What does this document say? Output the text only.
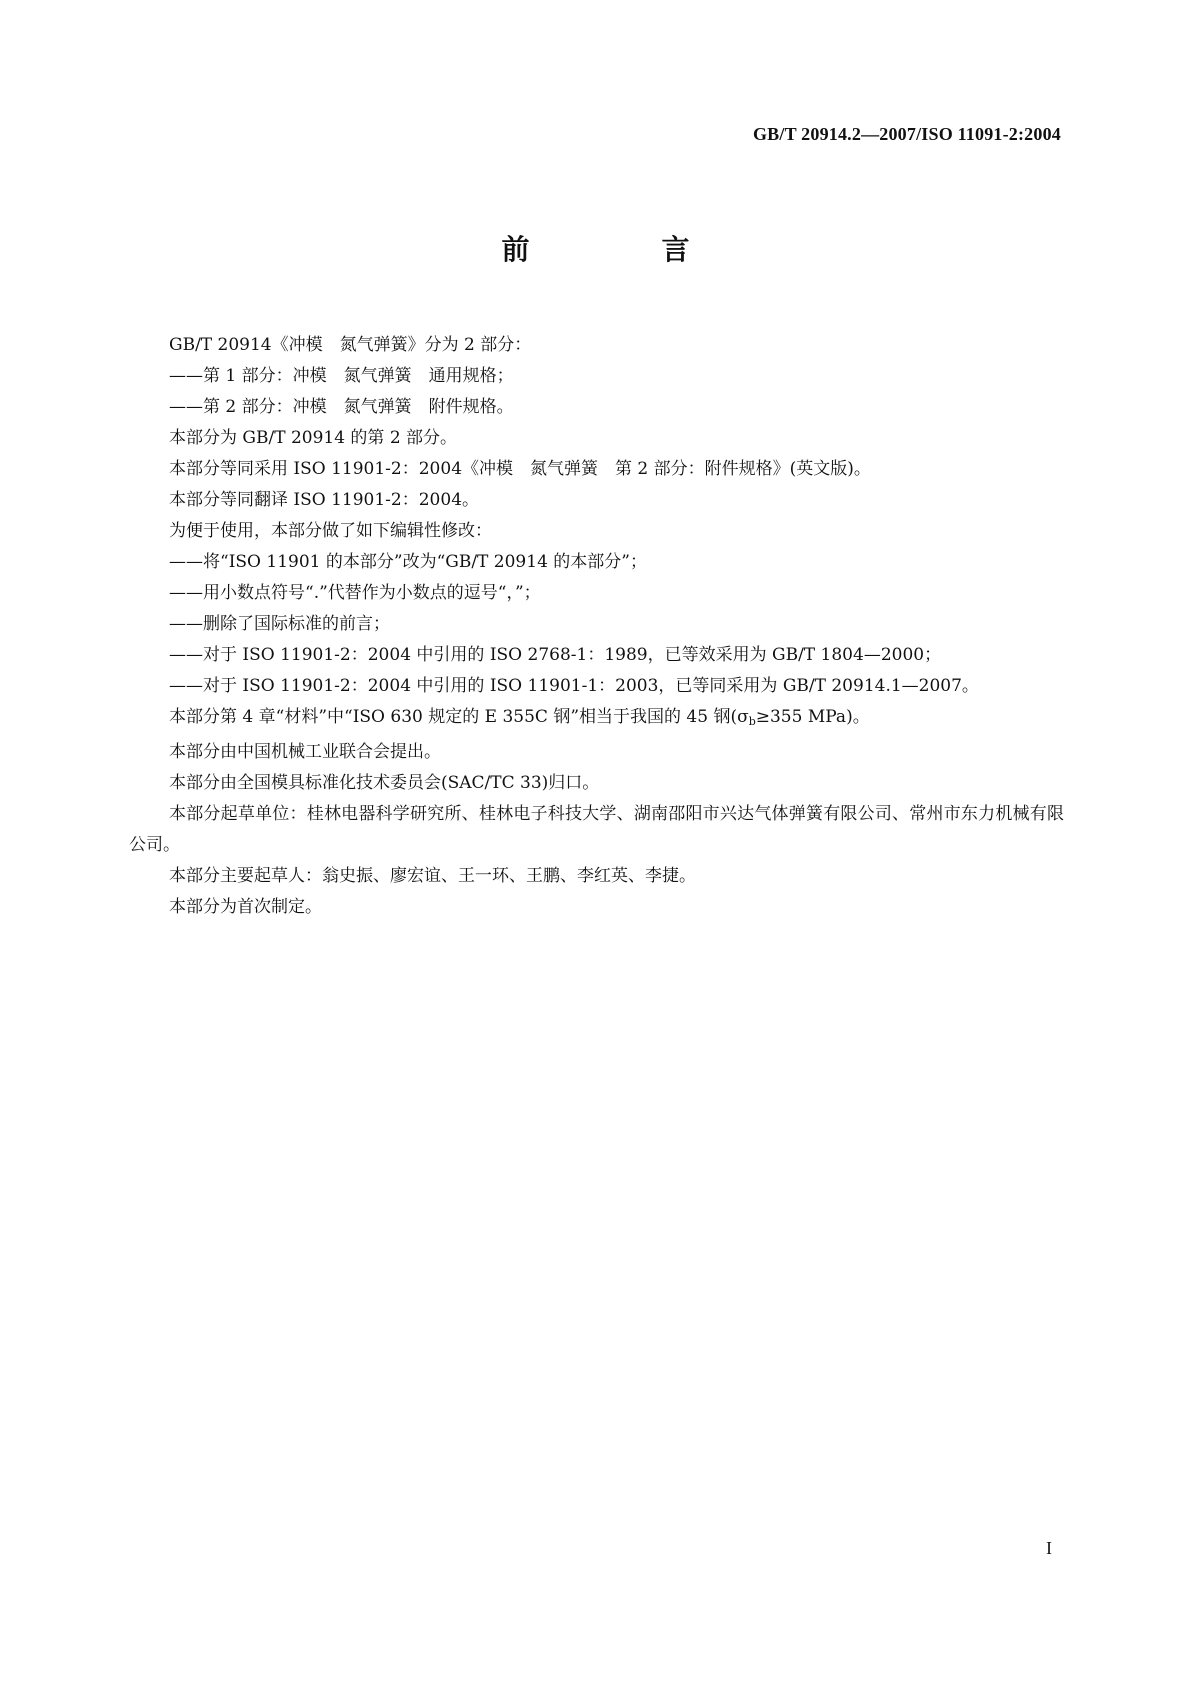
GB/T 20914.2—2007/ISO 11091-2:2004
前　言

GB/T 20914《冲模　氮气弹簧》分为 2 部分：

——第 1 部分：冲模　氮气弹簧　通用规格；

——第 2 部分：冲模　氮气弹簧　附件规格。

本部分为 GB/T 20914 的第 2 部分。

本部分等同采用 ISO 11901-2：2004《冲模　氮气弹簧　第 2 部分：附件规格》(英文版)。

本部分等同翻译 ISO 11901-2：2004。

为便于使用，本部分做了如下编辑性修改：

——将“ISO 11901 的本部分”改为“GB/T 20914 的本部分”；

——用小数点符号“.”代替作为小数点的逗号“，”；

——删除了国际标准的前言；

——对于 ISO 11901-2：2004 中引用的 ISO 2768-1：1989，已等效采用为 GB/T 1804—2000；

——对于 ISO 11901-2：2004 中引用的 ISO 11901-1：2003，已等同采用为 GB/T 20914.1—2007。

本部分第 4 章“材料”中“ISO 630 规定的 E 355C 钢”相当于我国的 45 钢($\sigma_b\ge 355$ MPa)。

本部分由中国机械工业联合会提出。

本部分由全国模具标准化技术委员会(SAC/TC 33)归口。

本部分起草单位：桂林电器科学研究所、桂林电子科技大学、湖南邵阳市兴达气体弹簧有限公司、常州市东力机械有限公司。

本部分主要起草人：翁史振、廖宏谊、王一环、王鹏、李红英、李捷。

本部分为首次制定。

I
